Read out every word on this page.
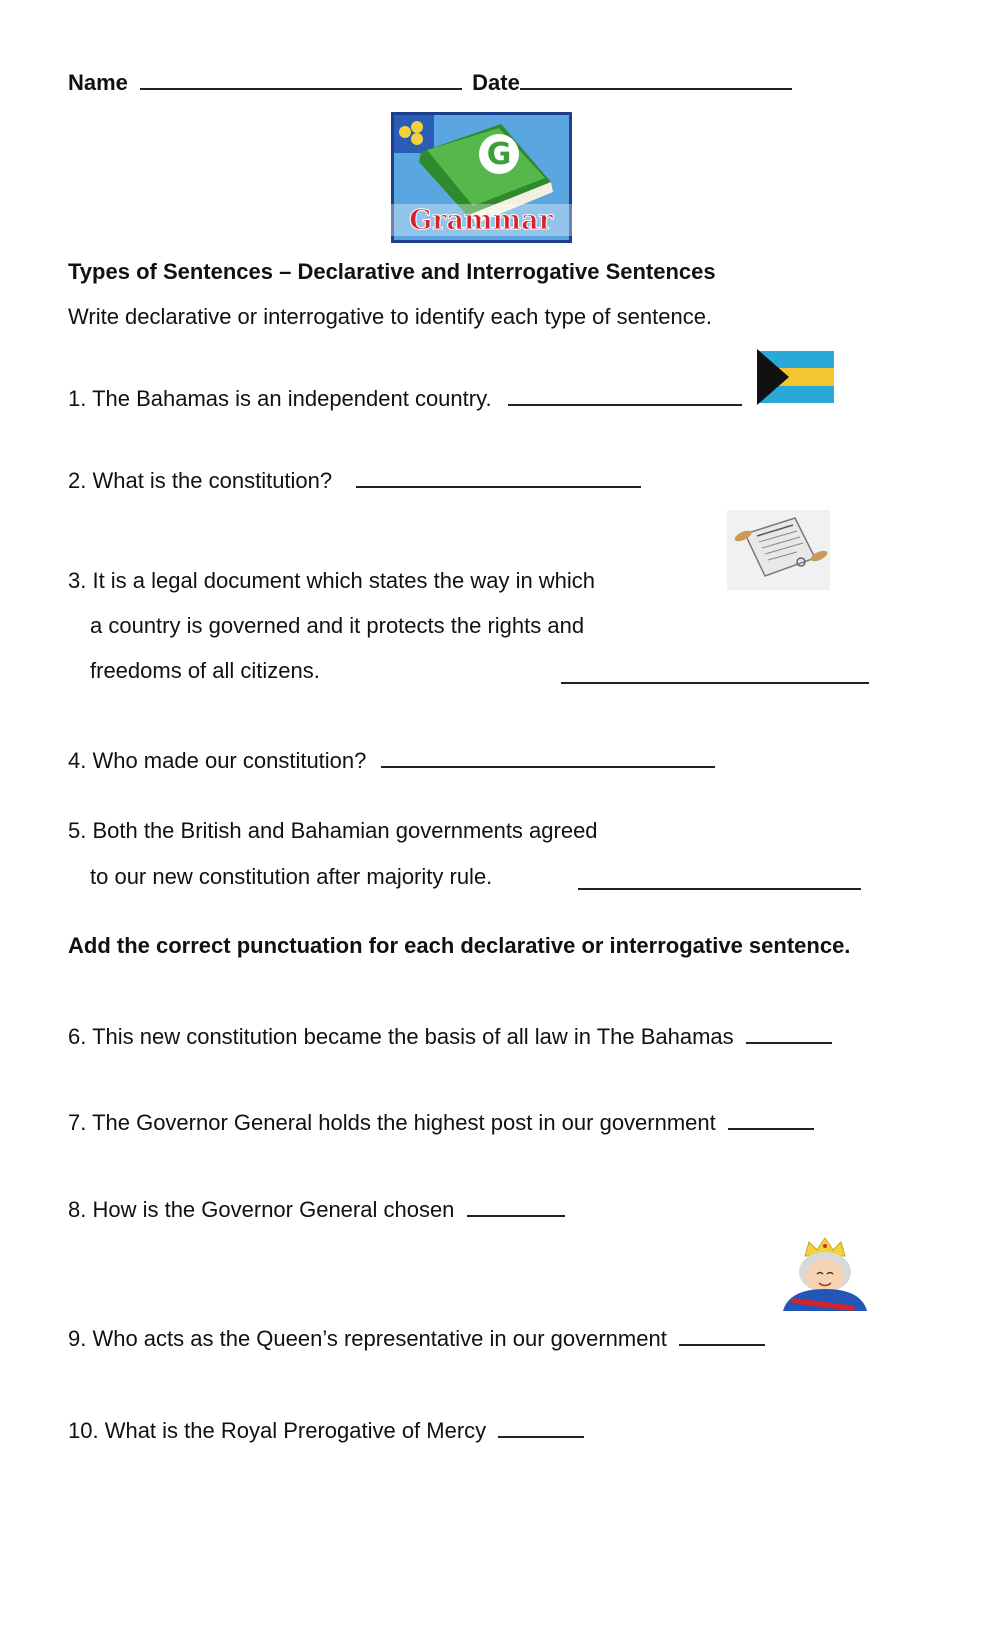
Name	Date
G
Grammar
Types of Sentences – Declarative and Interrogative Sentences
Write declarative or interrogative to identify each type of sentence.
1. The Bahamas is an independent country.
2. What is the constitution?
3. It is a legal document which states the way in which
a country is governed and it protects the rights and
freedoms of all citizens.
4. Who made our constitution?
5. Both the British and Bahamian governments agreed
to our new constitution after majority rule.
Add the correct punctuation for each declarative or interrogative sentence.
6. This new constitution became the basis of all law in The Bahamas
7. The Governor General holds the highest post in our government
8. How is the Governor General chosen
9. Who acts as the Queen’s representative in our government
10. What is the Royal Prerogative of Mercy
